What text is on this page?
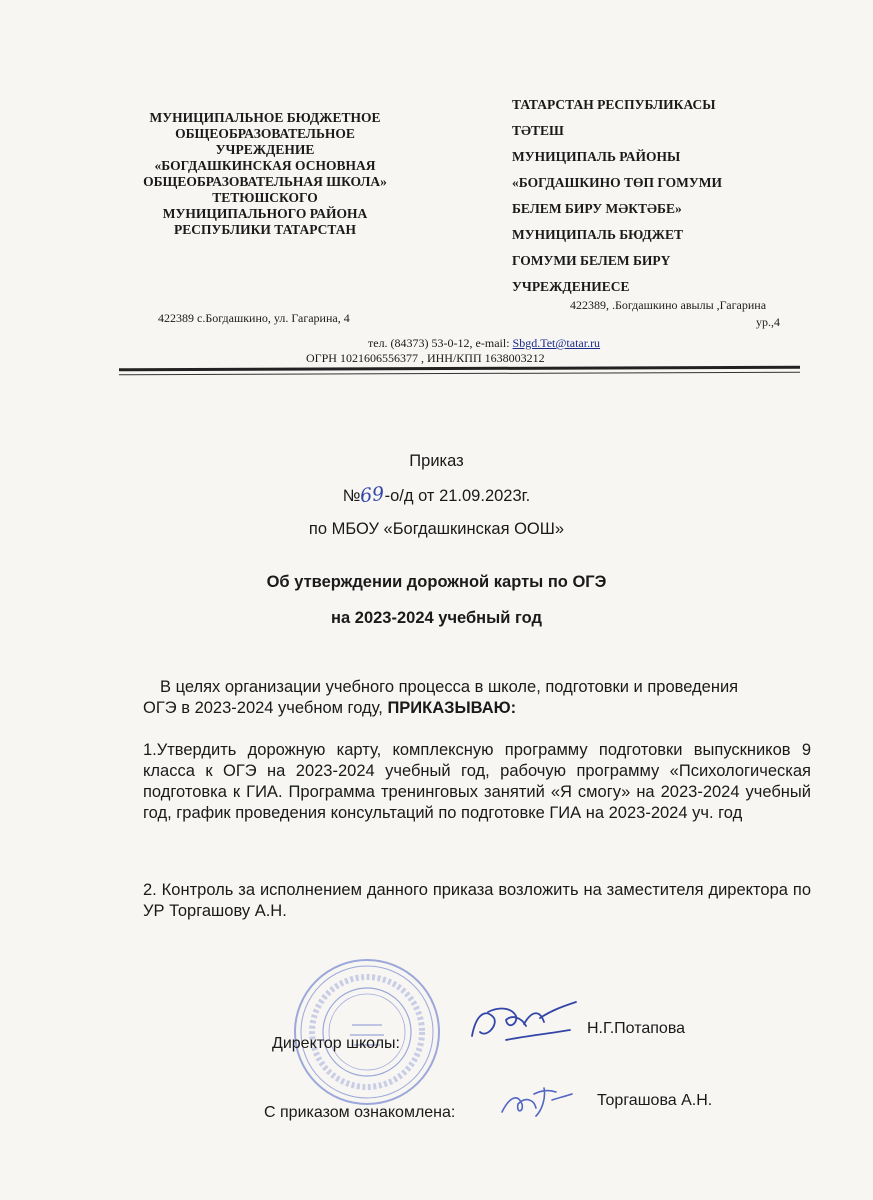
МУНИЦИПАЛЬНОЕ БЮДЖЕТНОЕ
ОБЩЕОБРАЗОВАТЕЛЬНОЕ
УЧРЕЖДЕНИЕ
«БОГДАШКИНСКАЯ ОСНОВНАЯ
ОБЩЕОБРАЗОВАТЕЛЬНАЯ ШКОЛА»
ТЕТЮШСКОГО
МУНИЦИПАЛЬНОГО РАЙОНА
РЕСПУБЛИКИ ТАТАРСТАН
ТАТАРСТАН РЕСПУБЛИКАСЫ
ТӘТЕШ
МУНИЦИПАЛЬ РАЙОНЫ
«БОГДАШКИНО ТӨП ГОМУМИ
БЕЛЕМ БИРУ МӘКТӘБЕ»
МУНИЦИПАЛЬ БЮДЖЕТ
ГОМУМИ БЕЛЕМ БИРҮ
УЧРЕЖДЕНИЕСЕ
422389 с.Богдашкино, ул. Гагарина, 4
422389, .Богдашкино авылы ,Гагарина
ур.,4
тел. (84373) 53-0-12, e-mail: Sbgd.Tet@tatar.ru
ОГРН 1021606556377 , ИНН/КПП 1638003212
Приказ
№69-о/д от 21.09.2023г.
по МБОУ «Богдашкинская ООШ»
Об утверждении дорожной карты по ОГЭ
на 2023-2024 учебный год
В целях организации учебного процесса в школе, подготовки и проведения
ОГЭ в 2023-2024 учебном году, ПРИКАЗЫВАЮ:
1.Утвердить дорожную карту, комплексную программу подготовки выпускников 9 класса к ОГЭ на 2023-2024 учебный год, рабочую программу «Психологическая подготовка к ГИА. Программа тренинговых занятий «Я смогу» на 2023-2024 учебный год, график проведения консультаций по подготовке ГИА на 2023-2024 уч. год
2. Контроль за исполнением данного приказа возложить на заместителя директора по УР Торгашову А.Н.
Директор школы:
Н.Г.Потапова
С приказом ознакомлена:
Торгашова А.Н.
